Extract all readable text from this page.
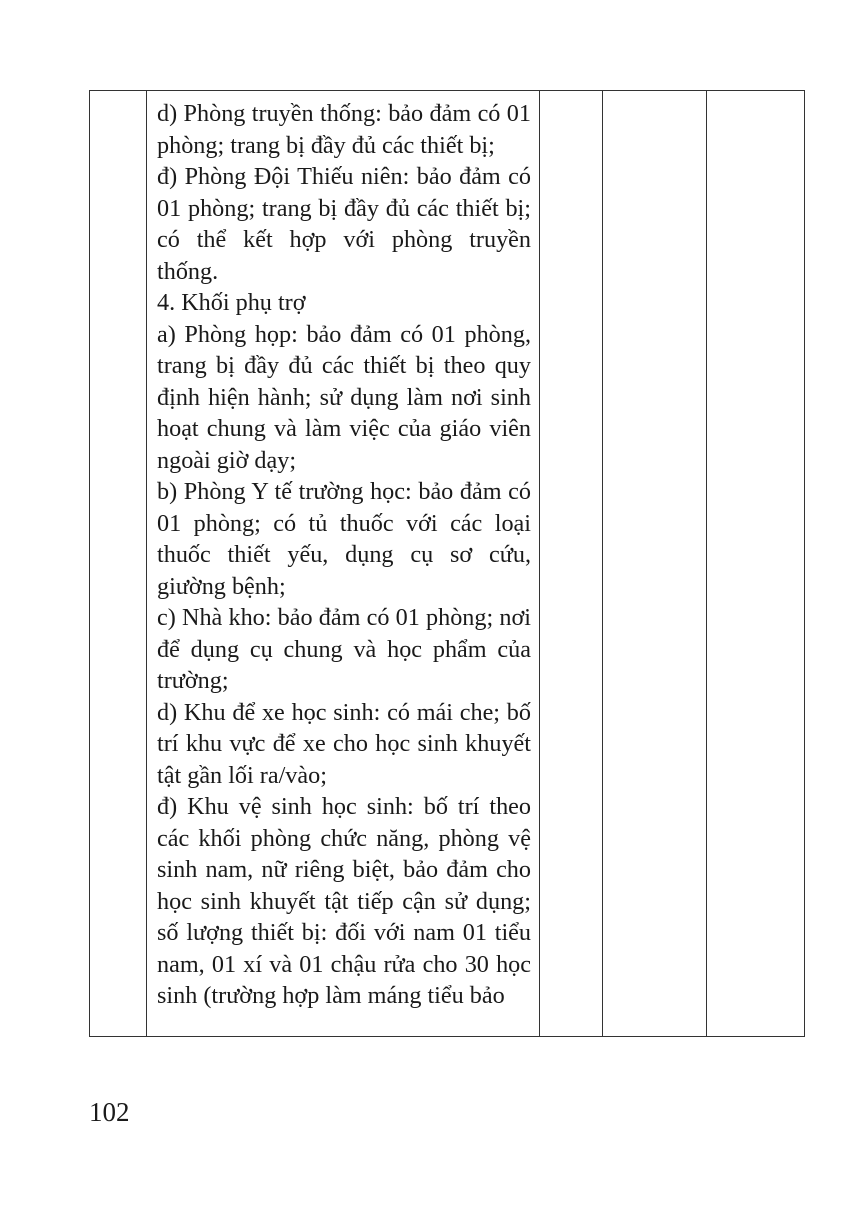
d) Phòng truyền thống: bảo đảm có 01 phòng; trang bị đầy đủ các thiết bị;

đ) Phòng Đội Thiếu niên: bảo đảm có 01 phòng; trang bị đầy đủ các thiết bị; có thể kết hợp với phòng truyền thống.

4. Khối phụ trợ

a) Phòng họp: bảo đảm có 01 phòng, trang bị đầy đủ các thiết bị theo quy định hiện hành; sử dụng làm nơi sinh hoạt chung và làm việc của giáo viên ngoài giờ dạy;

b) Phòng Y tế trường học: bảo đảm có 01 phòng; có tủ thuốc với các loại thuốc thiết yếu, dụng cụ sơ cứu, giường bệnh;

c) Nhà kho: bảo đảm có 01 phòng; nơi để dụng cụ chung và học phẩm của trường;

d) Khu để xe học sinh: có mái che; bố trí khu vực để xe cho học sinh khuyết tật gần lối ra/vào;

đ) Khu vệ sinh học sinh: bố trí theo các khối phòng chức năng, phòng vệ sinh nam, nữ riêng biệt, bảo đảm cho học sinh khuyết tật tiếp cận sử dụng; số lượng thiết bị: đối với nam 01 tiểu nam, 01 xí và 01 chậu rửa cho 30 học sinh (trường hợp làm máng tiểu bảo

102
